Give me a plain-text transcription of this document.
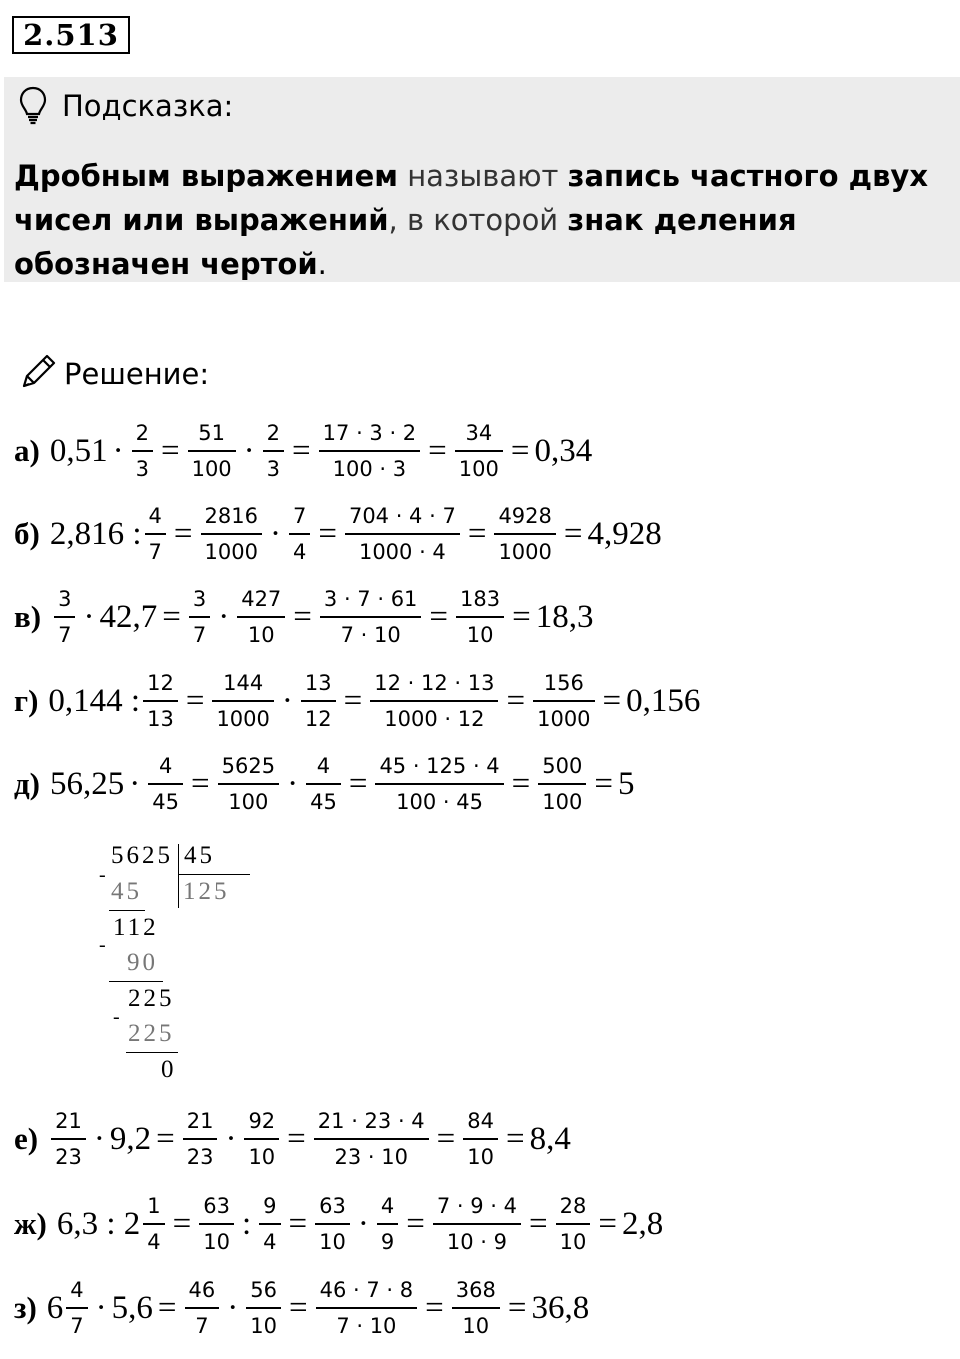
2.513
Подсказка:
Дробным выражением называют запись частного двух чисел или выражений, в которой знак деления обозначен чертой.
Решение:
а) $0,51 \cdot \frac{2}{3} = \frac{51}{100} \cdot \frac{2}{3} = \frac{17 \cdot 3 \cdot 2}{100 \cdot 3} = \frac{34}{100} = 0,34$
б) 2,816 : $\frac{4}{7} = \frac{2816}{1000} \cdot \frac{7}{4} = \frac{704 \cdot 4 \cdot 7}{1000 \cdot 4} = \frac{4928}{1000} = 4,928$
$в) \frac{3}{7} \cdot 42,7 = \frac{3}{7} \cdot \frac{427}{10} = \frac{3 \cdot 7 \cdot 61}{7 \cdot 10} = \frac{183}{10} = 18,3$
г) 0,144 : $\frac{12}{13} = \frac{144}{1000} \cdot \frac{13}{12} = \frac{12 \cdot 12 \cdot 13}{1000 \cdot 12} = \frac{156}{1000} = 0,156$
д) $56,25 \cdot \frac{4}{45} = \frac{5625}{100} \cdot \frac{4}{45} = \frac{45 \cdot 125 \cdot 4}{100 \cdot 45} = \frac{500}{100} = 5$
$е) \frac{21}{23} \cdot 9,2 = \frac{21}{23} \cdot \frac{92}{10} = \frac{21 \cdot 23 \cdot 4}{23 \cdot 10} = \frac{84}{10} = 8,4$
ж) 6,3 : $2 \frac{1}{4} = \frac{63}{10}$ : $\frac{9}{4} = \frac{63}{10} \cdot \frac{4}{9} = \frac{7 \cdot 9 \cdot 4}{10 \cdot 9} = \frac{28}{10} = 2,8$
з) $6 \frac{4}{7} \cdot 5,6 = \frac{46}{7} \cdot \frac{56}{10} = \frac{46 \cdot 7 \cdot 8}{7 \cdot 10} = \frac{368}{10} = 36,8$
5625 45
125
-
45
112
-
90
225
-
225
0
